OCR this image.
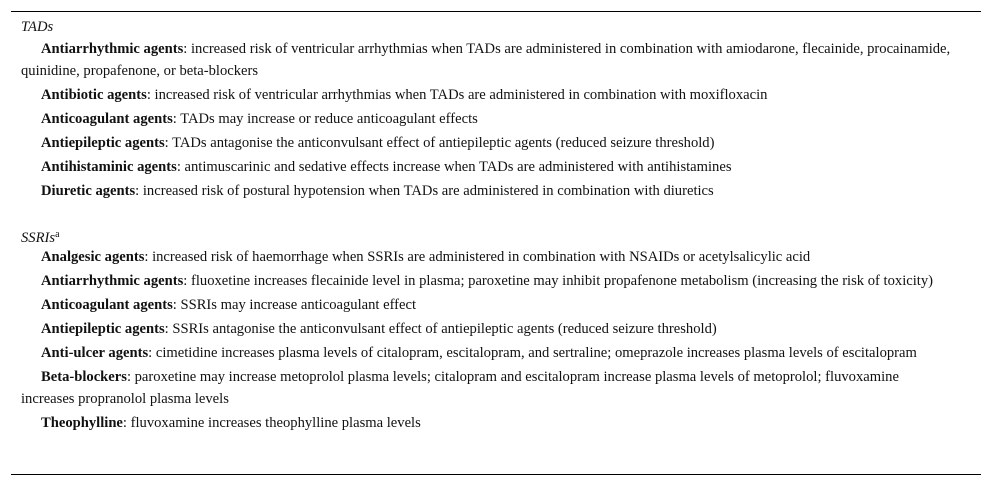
TADs
Antiarrhythmic agents: increased risk of ventricular arrhythmias when TADs are administered in combination with amiodarone, flecainide, procainamide, quinidine, propafenone, or beta-blockers
Antibiotic agents: increased risk of ventricular arrhythmias when TADs are administered in combination with moxifloxacin
Anticoagulant agents: TADs may increase or reduce anticoagulant effects
Antiepileptic agents: TADs antagonise the anticonvulsant effect of antiepileptic agents (reduced seizure threshold)
Antihistaminic agents: antimuscarinic and sedative effects increase when TADs are administered with antihistamines
Diuretic agents: increased risk of postural hypotension when TADs are administered in combination with diuretics
SSRIs$^a$
Analgesic agents: increased risk of haemorrhage when SSRIs are administered in combination with NSAIDs or acetylsalicylic acid
Antiarrhythmic agents: fluoxetine increases flecainide level in plasma; paroxetine may inhibit propafenone metabolism (increasing the risk of toxicity)
Anticoagulant agents: SSRIs may increase anticoagulant effect
Antiepileptic agents: SSRIs antagonise the anticonvulsant effect of antiepileptic agents (reduced seizure threshold)
Anti-ulcer agents: cimetidine increases plasma levels of citalopram, escitalopram, and sertraline; omeprazole increases plasma levels of escitalopram
Beta-blockers: paroxetine may increase metoprolol plasma levels; citalopram and escitalopram increase plasma levels of metoprolol; fluvoxamine increases propranolol plasma levels
Theophylline: fluvoxamine increases theophylline plasma levels
